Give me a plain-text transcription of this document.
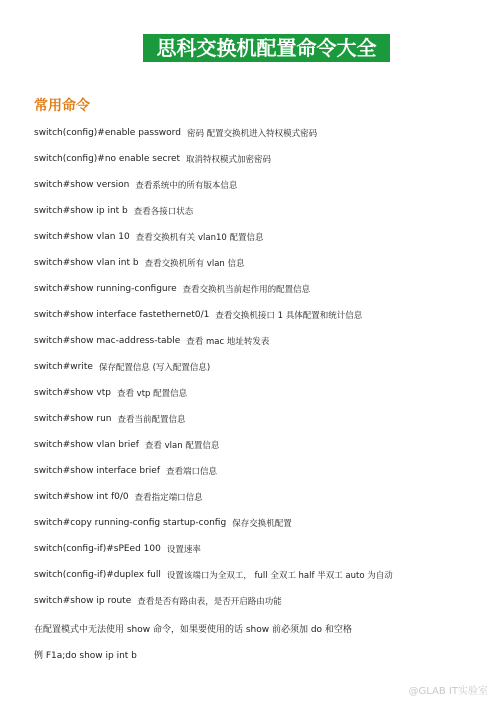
思科交换机配置命令大全
常用命令
switch(config)#enable password 密码 配置交换机进入特权模式密码
switch(config)#no enable secret 取消特权模式加密密码
switch#show version 查看系统中的所有版本信息
switch#show ip int b 查看各接口状态
switch#show vlan 10 查看交换机有关 vlan10 配置信息
switch#show vlan int b 查看交换机所有 vlan 信息
switch#show running-configure 查看交换机当前起作用的配置信息
switch#show interface fastethernet0/1 查看交换机接口 1 具体配置和统计信息
switch#show mac-address-table 查看 mac 地址转发表
switch#write 保存配置信息 (写入配置信息)
switch#show vtp 查看 vtp 配置信息
switch#show run 查看当前配置信息
switch#show vlan brief 查看 vlan 配置信息
switch#show interface brief 查看端口信息
switch#show int f0/0 查看指定端口信息
switch#copy running-config startup-config 保存交换机配置
switch(config-if)#sPEed 100 设置速率
switch(config-if)#duplex full 设置该端口为全双工， full 全双工 half 半双工 auto 为自动
switch#show ip route 查看是否有路由表，是否开启路由功能
在配置模式中无法使用 show 命令，如果要使用的话 show 前必须加 do 和空格
例 F1a;do show ip int b
@GLAB IT实验室
